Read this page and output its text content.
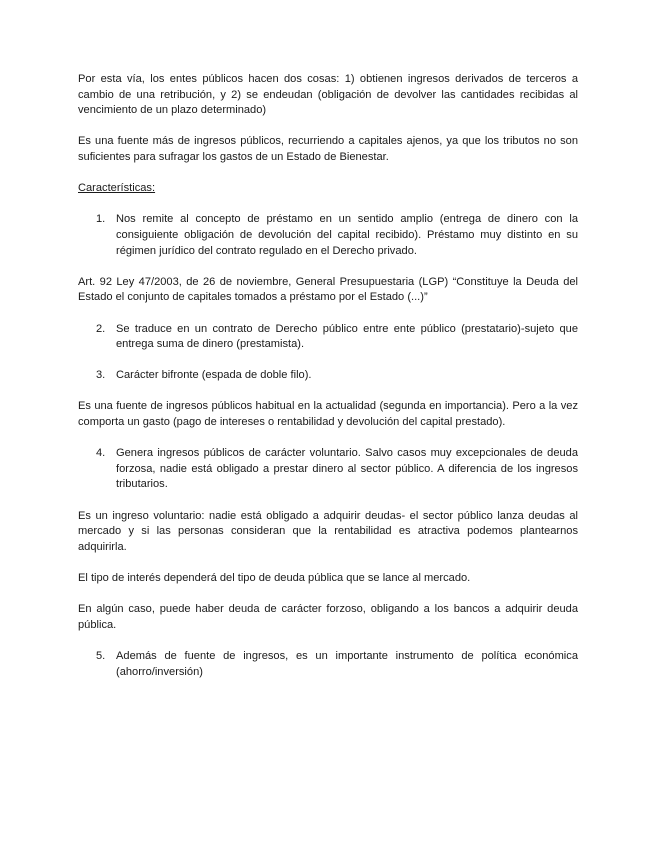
Por esta vía, los entes públicos hacen dos cosas: 1) obtienen ingresos derivados de terceros a cambio de una retribución, y 2) se endeudan (obligación de devolver las cantidades recibidas al vencimiento de un plazo determinado)

Es una fuente más de ingresos públicos, recurriendo a capitales ajenos, ya que los tributos no son suficientes para sufragar los gastos de un Estado de Bienestar.

Características:

1. Nos remite al concepto de préstamo en un sentido amplio (entrega de dinero con la consiguiente obligación de devolución del capital recibido). Préstamo muy distinto en su régimen jurídico del contrato regulado en el Derecho privado.

Art. 92 Ley 47/2003, de 26 de noviembre, General Presupuestaria (LGP) “Constituye la Deuda del Estado el conjunto de capitales tomados a préstamo por el Estado (...)”

2. Se traduce en un contrato de Derecho público entre ente público (prestatario)-sujeto que entrega suma de dinero (prestamista).
3. Carácter bifronte (espada de doble filo).

Es una fuente de ingresos públicos habitual en la actualidad (segunda en importancia). Pero a la vez comporta un gasto (pago de intereses o rentabilidad y devolución del capital prestado).

4. Genera ingresos públicos de carácter voluntario. Salvo casos muy excepcionales de deuda forzosa, nadie está obligado a prestar dinero al sector público. A diferencia de los ingresos tributarios.

Es un ingreso voluntario: nadie está obligado a adquirir deudas- el sector público lanza deudas al mercado y si las personas consideran que la rentabilidad es atractiva podemos plantearnos adquirirla.

El tipo de interés dependerá del tipo de deuda pública que se lance al mercado.

En algún caso, puede haber deuda de carácter forzoso, obligando a los bancos a adquirir deuda pública.

5. Además de fuente de ingresos, es un importante instrumento de política económica (ahorro/inversión)
